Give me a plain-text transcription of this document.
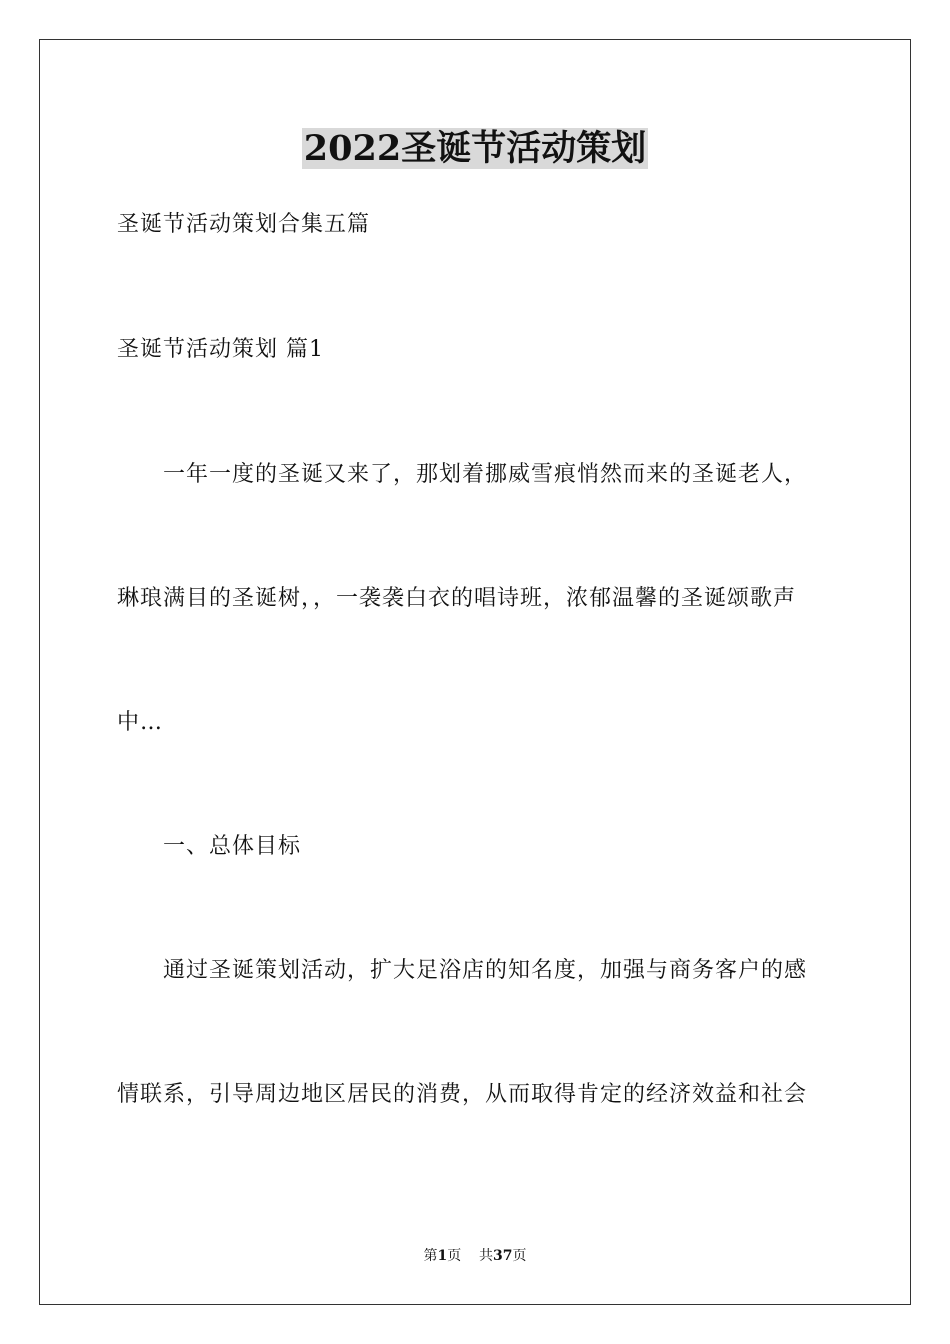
2022圣诞节活动策划
圣诞节活动策划合集五篇
圣诞节活动策划 篇1
一年一度的圣诞又来了，那划着挪威雪痕悄然而来的圣诞老人，
琳琅满目的圣诞树，，一袭袭白衣的唱诗班，浓郁温馨的圣诞颂歌声
中…
一、总体目标
通过圣诞策划活动，扩大足浴店的知名度，加强与商务客户的感
情联系，引导周边地区居民的消费，从而取得肯定的经济效益和社会
第1页 共37页
